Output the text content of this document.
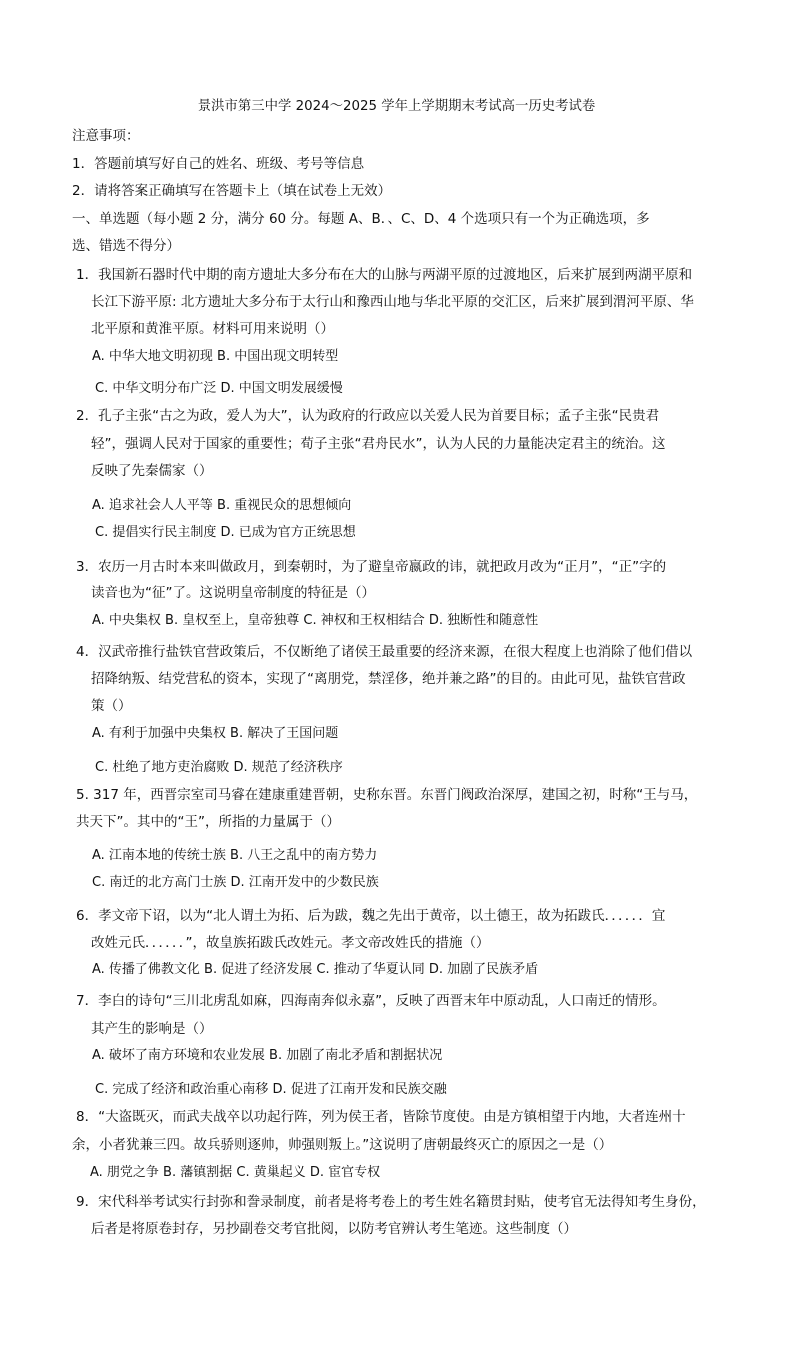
景洪市第三中学 2024～2025 学年上学期期末考试高一历史考试卷
注意事项：
1．答题前填写好自己的姓名、班级、考号等信息
2．请将答案正确填写在答题卡上（填在试卷上无效）
一、单选题（每小题 2 分，满分 60 分。每题 A、B．、C、D、4 个选项只有一个为正确选项，多
选、错选不得分）
1．我国新石器时代中期的南方遗址大多分布在大的山脉与两湖平原的过渡地区，后来扩展到两湖平原和
长江下游平原: 北方遗址大多分布于太行山和豫西山地与华北平原的交汇区，后来扩展到渭河平原、华
北平原和黄淮平原。材料可用来说明（）
A. 中华大地文明初现 B. 中国出现文明转型
C. 中华文明分布广泛 D. 中国文明发展缓慢
2．孔子主张“古之为政，爱人为大”，认为政府的行政应以关爱人民为首要目标；孟子主张“民贵君
轻”，强调人民对于国家的重要性；荀子主张“君舟民水”，认为人民的力量能决定君主的统治。这
反映了先秦儒家（）
A. 追求社会人人平等 B. 重视民众的思想倾向
C. 提倡实行民主制度 D. 已成为官方正统思想
3．农历一月古时本来叫做政月，到秦朝时，为了避皇帝嬴政的讳，就把政月改为“正月”，“正”字的
读音也为“征”了。这说明皇帝制度的特征是（）
A. 中央集权 B. 皇权至上，皇帝独尊 C. 神权和王权相结合 D. 独断性和随意性
4．汉武帝推行盐铁官营政策后，不仅断绝了诸侯王最重要的经济来源，在很大程度上也消除了他们借以
招降纳叛、结党营私的资本，实现了“离朋党，禁淫侈，绝并兼之路”的目的。由此可见，盐铁官营政
策（）
A. 有利于加强中央集权 B. 解决了王国问题
C. 杜绝了地方吏治腐败 D. 规范了经济秩序
5. 317 年，西晋宗室司马睿在建康重建晋朝，史称东晋。东晋门阀政治深厚，建国之初，时称“王与马，
共天下”。其中的“王”，所指的力量属于（）
A. 江南本地的传统士族 B. 八王之乱中的南方势力
C. 南迁的北方高门士族 D. 江南开发中的少数民族
6．孝文帝下诏，以为“北人谓土为拓、后为跋，魏之先出于黄帝，以土德王，故为拓跋氏．．．．．．宜
改姓元氏．．．．．．”，故皇族拓跋氏改姓元。孝文帝改姓氏的措施（）
A. 传播了佛教文化 B. 促进了经济发展 C. 推动了华夏认同 D. 加剧了民族矛盾
7．李白的诗句“三川北虏乱如麻，四海南奔似永嘉”，反映了西晋末年中原动乱，人口南迁的情形。
其产生的影响是（）
A. 破坏了南方环境和农业发展 B. 加剧了南北矛盾和割据状况
C. 完成了经济和政治重心南移 D. 促进了江南开发和民族交融
8．“大盗既灭，而武夫战卒以功起行阵，列为侯王者，皆除节度使。由是方镇相望于内地，大者连州十
余，小者犹兼三四。故兵骄则逐帅，帅强则叛上。”这说明了唐朝最终灭亡的原因之一是（）
A. 朋党之争 B. 藩镇割据 C. 黄巢起义 D. 宦官专权
9．宋代科举考试实行封弥和誊录制度，前者是将考卷上的考生姓名籍贯封贴，使考官无法得知考生身份，
后者是将原卷封存，另抄副卷交考官批阅，以防考官辨认考生笔迹。这些制度（）
